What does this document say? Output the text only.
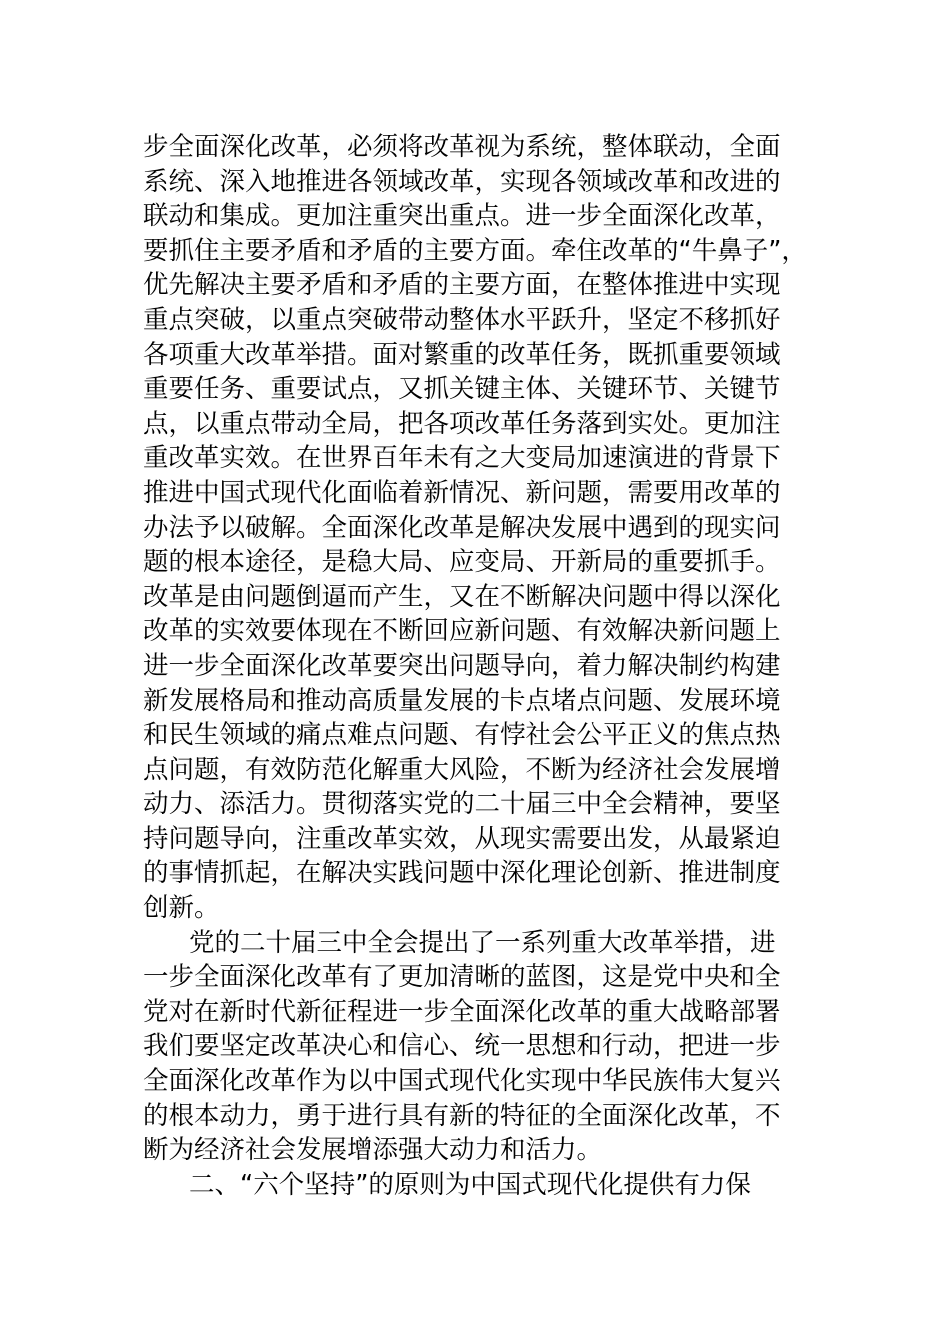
步全面深化改革，必须将改革视为系统，整体联动，全面
系统、深入地推进各领域改革，实现各领域改革和改进的
联动和集成。更加注重突出重点。进一步全面深化改革，
要抓住主要矛盾和矛盾的主要方面。牵住改革的“牛鼻子”，
优先解决主要矛盾和矛盾的主要方面，在整体推进中实现
重点突破，以重点突破带动整体水平跃升，坚定不移抓好
各项重大改革举措。面对繁重的改革任务，既抓重要领域
重要任务、重要试点，又抓关键主体、关键环节、关键节
点，以重点带动全局，把各项改革任务落到实处。更加注
重改革实效。在世界百年未有之大变局加速演进的背景下
推进中国式现代化面临着新情况、新问题，需要用改革的
办法予以破解。全面深化改革是解决发展中遇到的现实问
题的根本途径，是稳大局、应变局、开新局的重要抓手。
改革是由问题倒逼而产生，又在不断解决问题中得以深化
改革的实效要体现在不断回应新问题、有效解决新问题上
进一步全面深化改革要突出问题导向，着力解决制约构建
新发展格局和推动高质量发展的卡点堵点问题、发展环境
和民生领域的痛点难点问题、有悖社会公平正义的焦点热
点问题，有效防范化解重大风险，不断为经济社会发展增
动力、添活力。贯彻落实党的二十届三中全会精神，要坚
持问题导向，注重改革实效，从现实需要出发，从最紧迫
的事情抓起，在解决实践问题中深化理论创新、推进制度
创新。
党的二十届三中全会提出了一系列重大改革举措，进
一步全面深化改革有了更加清晰的蓝图，这是党中央和全
党对在新时代新征程进一步全面深化改革的重大战略部署
我们要坚定改革决心和信心、统一思想和行动，把进一步
全面深化改革作为以中国式现代化实现中华民族伟大复兴
的根本动力，勇于进行具有新的特征的全面深化改革，不
断为经济社会发展增添强大动力和活力。
二、“六个坚持”的原则为中国式现代化提供有力保
